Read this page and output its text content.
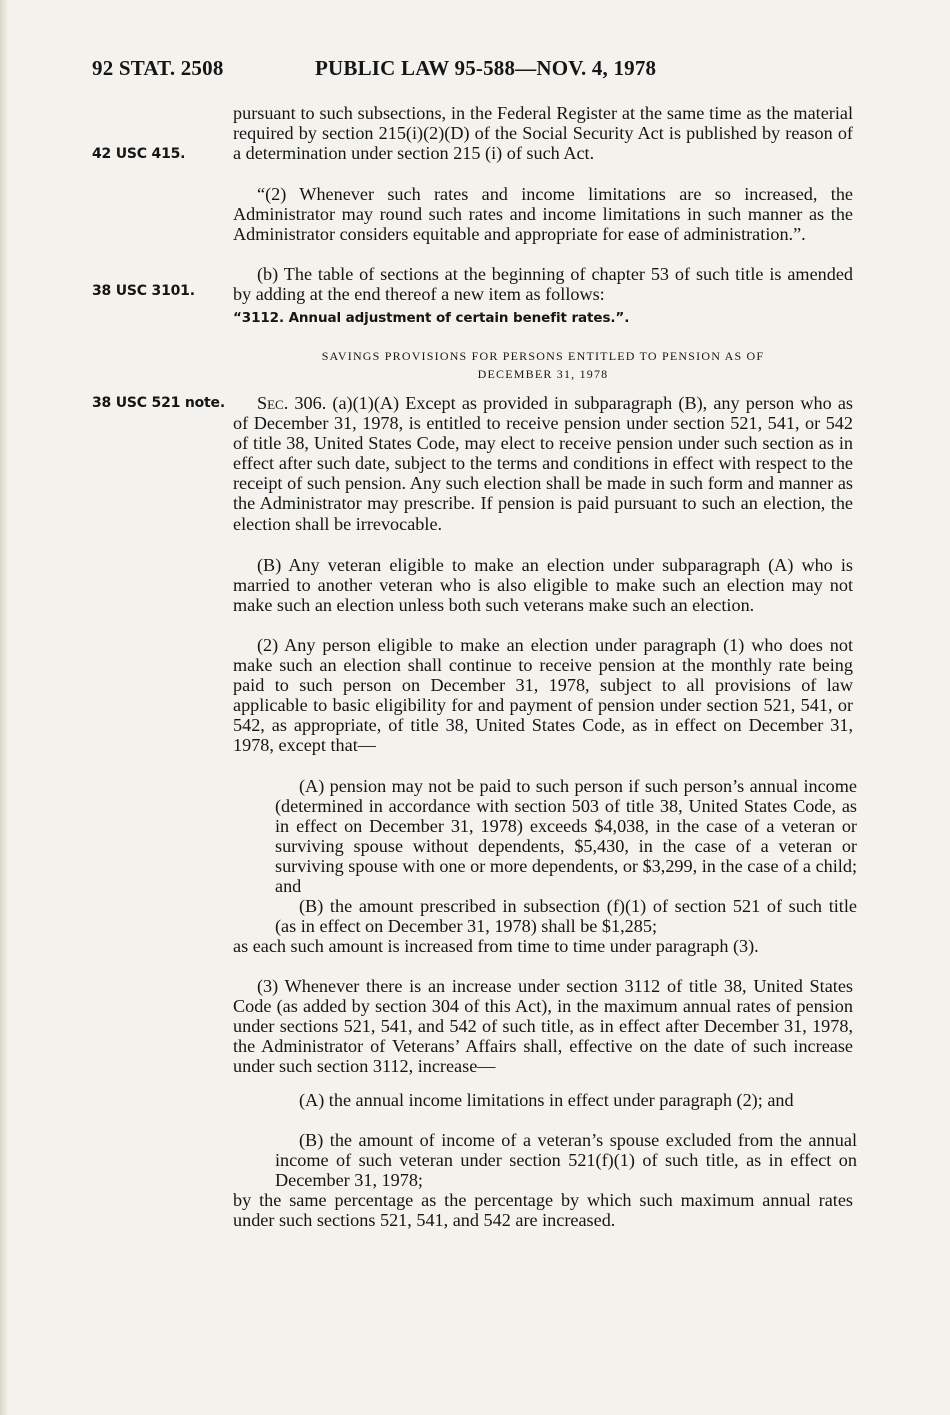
92 STAT. 2508	PUBLIC LAW 95-588—NOV. 4, 1978
42 USC 415.
38 USC 3101.
38 USC 521 note.

pursuant to such subsections, in the Federal Register at the same time as the material required by section 215(i)(2)(D) of the Social Security Act is published by reason of a determination under section 215 (i) of such Act.

“(2) Whenever such rates and income limitations are so increased, the Administrator may round such rates and income limitations in such manner as the Administrator considers equitable and appropriate for ease of administration.”.

(b) The table of sections at the beginning of chapter 53 of such title is amended by adding at the end thereof a new item as follows:

“3112. Annual adjustment of certain benefit rates.”.
SAVINGS PROVISIONS FOR PERSONS ENTITLED TO PENSION AS OF
DECEMBER 31, 1978

Sec. 306. (a)(1)(A) Except as provided in subparagraph (B), any person who as of December 31, 1978, is entitled to receive pension under section 521, 541, or 542 of title 38, United States Code, may elect to receive pension under such section as in effect after such date, subject to the terms and conditions in effect with respect to the receipt of such pension. Any such election shall be made in such form and manner as the Administrator may prescribe. If pension is paid pursuant to such an election, the election shall be irrevocable.

(B) Any veteran eligible to make an election under subparagraph (A) who is married to another veteran who is also eligible to make such an election may not make such an election unless both such veterans make such an election.

(2) Any person eligible to make an election under paragraph (1) who does not make such an election shall continue to receive pension at the monthly rate being paid to such person on December 31, 1978, subject to all provisions of law applicable to basic eligibility for and payment of pension under section 521, 541, or 542, as appropriate, of title 38, United States Code, as in effect on December 31, 1978, except that—

(A) pension may not be paid to such person if such person’s annual income (determined in accordance with section 503 of title 38, United States Code, as in effect on December 31, 1978) exceeds $4,038, in the case of a veteran or surviving spouse without dependents, $5,430, in the case of a veteran or surviving spouse with one or more dependents, or $3,299, in the case of a child; and

(B) the amount prescribed in subsection (f)(1) of section 521 of such title (as in effect on December 31, 1978) shall be $1,285;

as each such amount is increased from time to time under paragraph (3).

(3) Whenever there is an increase under section 3112 of title 38, United States Code (as added by section 304 of this Act), in the maximum annual rates of pension under sections 521, 541, and 542 of such title, as in effect after December 31, 1978, the Administrator of Veterans’ Affairs shall, effective on the date of such increase under such section 3112, increase—

(A) the annual income limitations in effect under paragraph (2); and

(B) the amount of income of a veteran’s spouse excluded from the annual income of such veteran under section 521(f)(1) of such title, as in effect on December 31, 1978;

by the same percentage as the percentage by which such maximum annual rates under such sections 521, 541, and 542 are increased.
